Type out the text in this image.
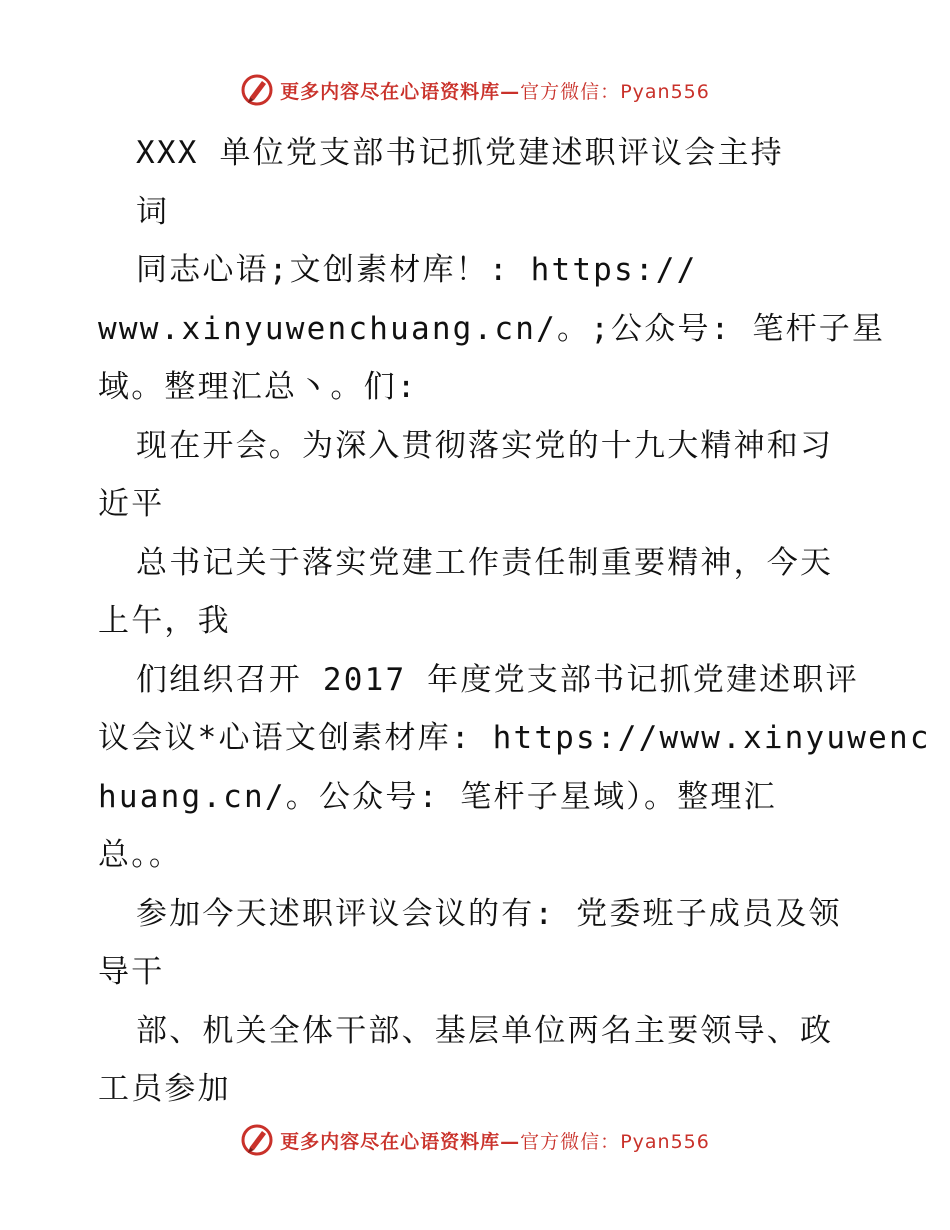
更多内容尽在心语资料库—官方微信：Pyan556
XXX 单位党支部书记抓党建述职评议会主持
词
同志心语;文创素材库！: https://
www.xinyuwenchuang.cn/。;公众号: 笔杆子星
域。整理汇总丶。们:
现在开会。为深入贯彻落实党的十九大精神和习
近平
总书记关于落实党建工作责任制重要精神，今天
上午，我
们组织召开 2017 年度党支部书记抓党建述职评
议会议*心语文创素材库: https://www.xinyuwenc
huang.cn/。公众号: 笔杆子星域）。整理汇
总。。
参加今天述职评议会议的有: 党委班子成员及领
导干
部、机关全体干部、基层单位两名主要领导、政
工员参加
更多内容尽在心语资料库—官方微信：Pyan556
